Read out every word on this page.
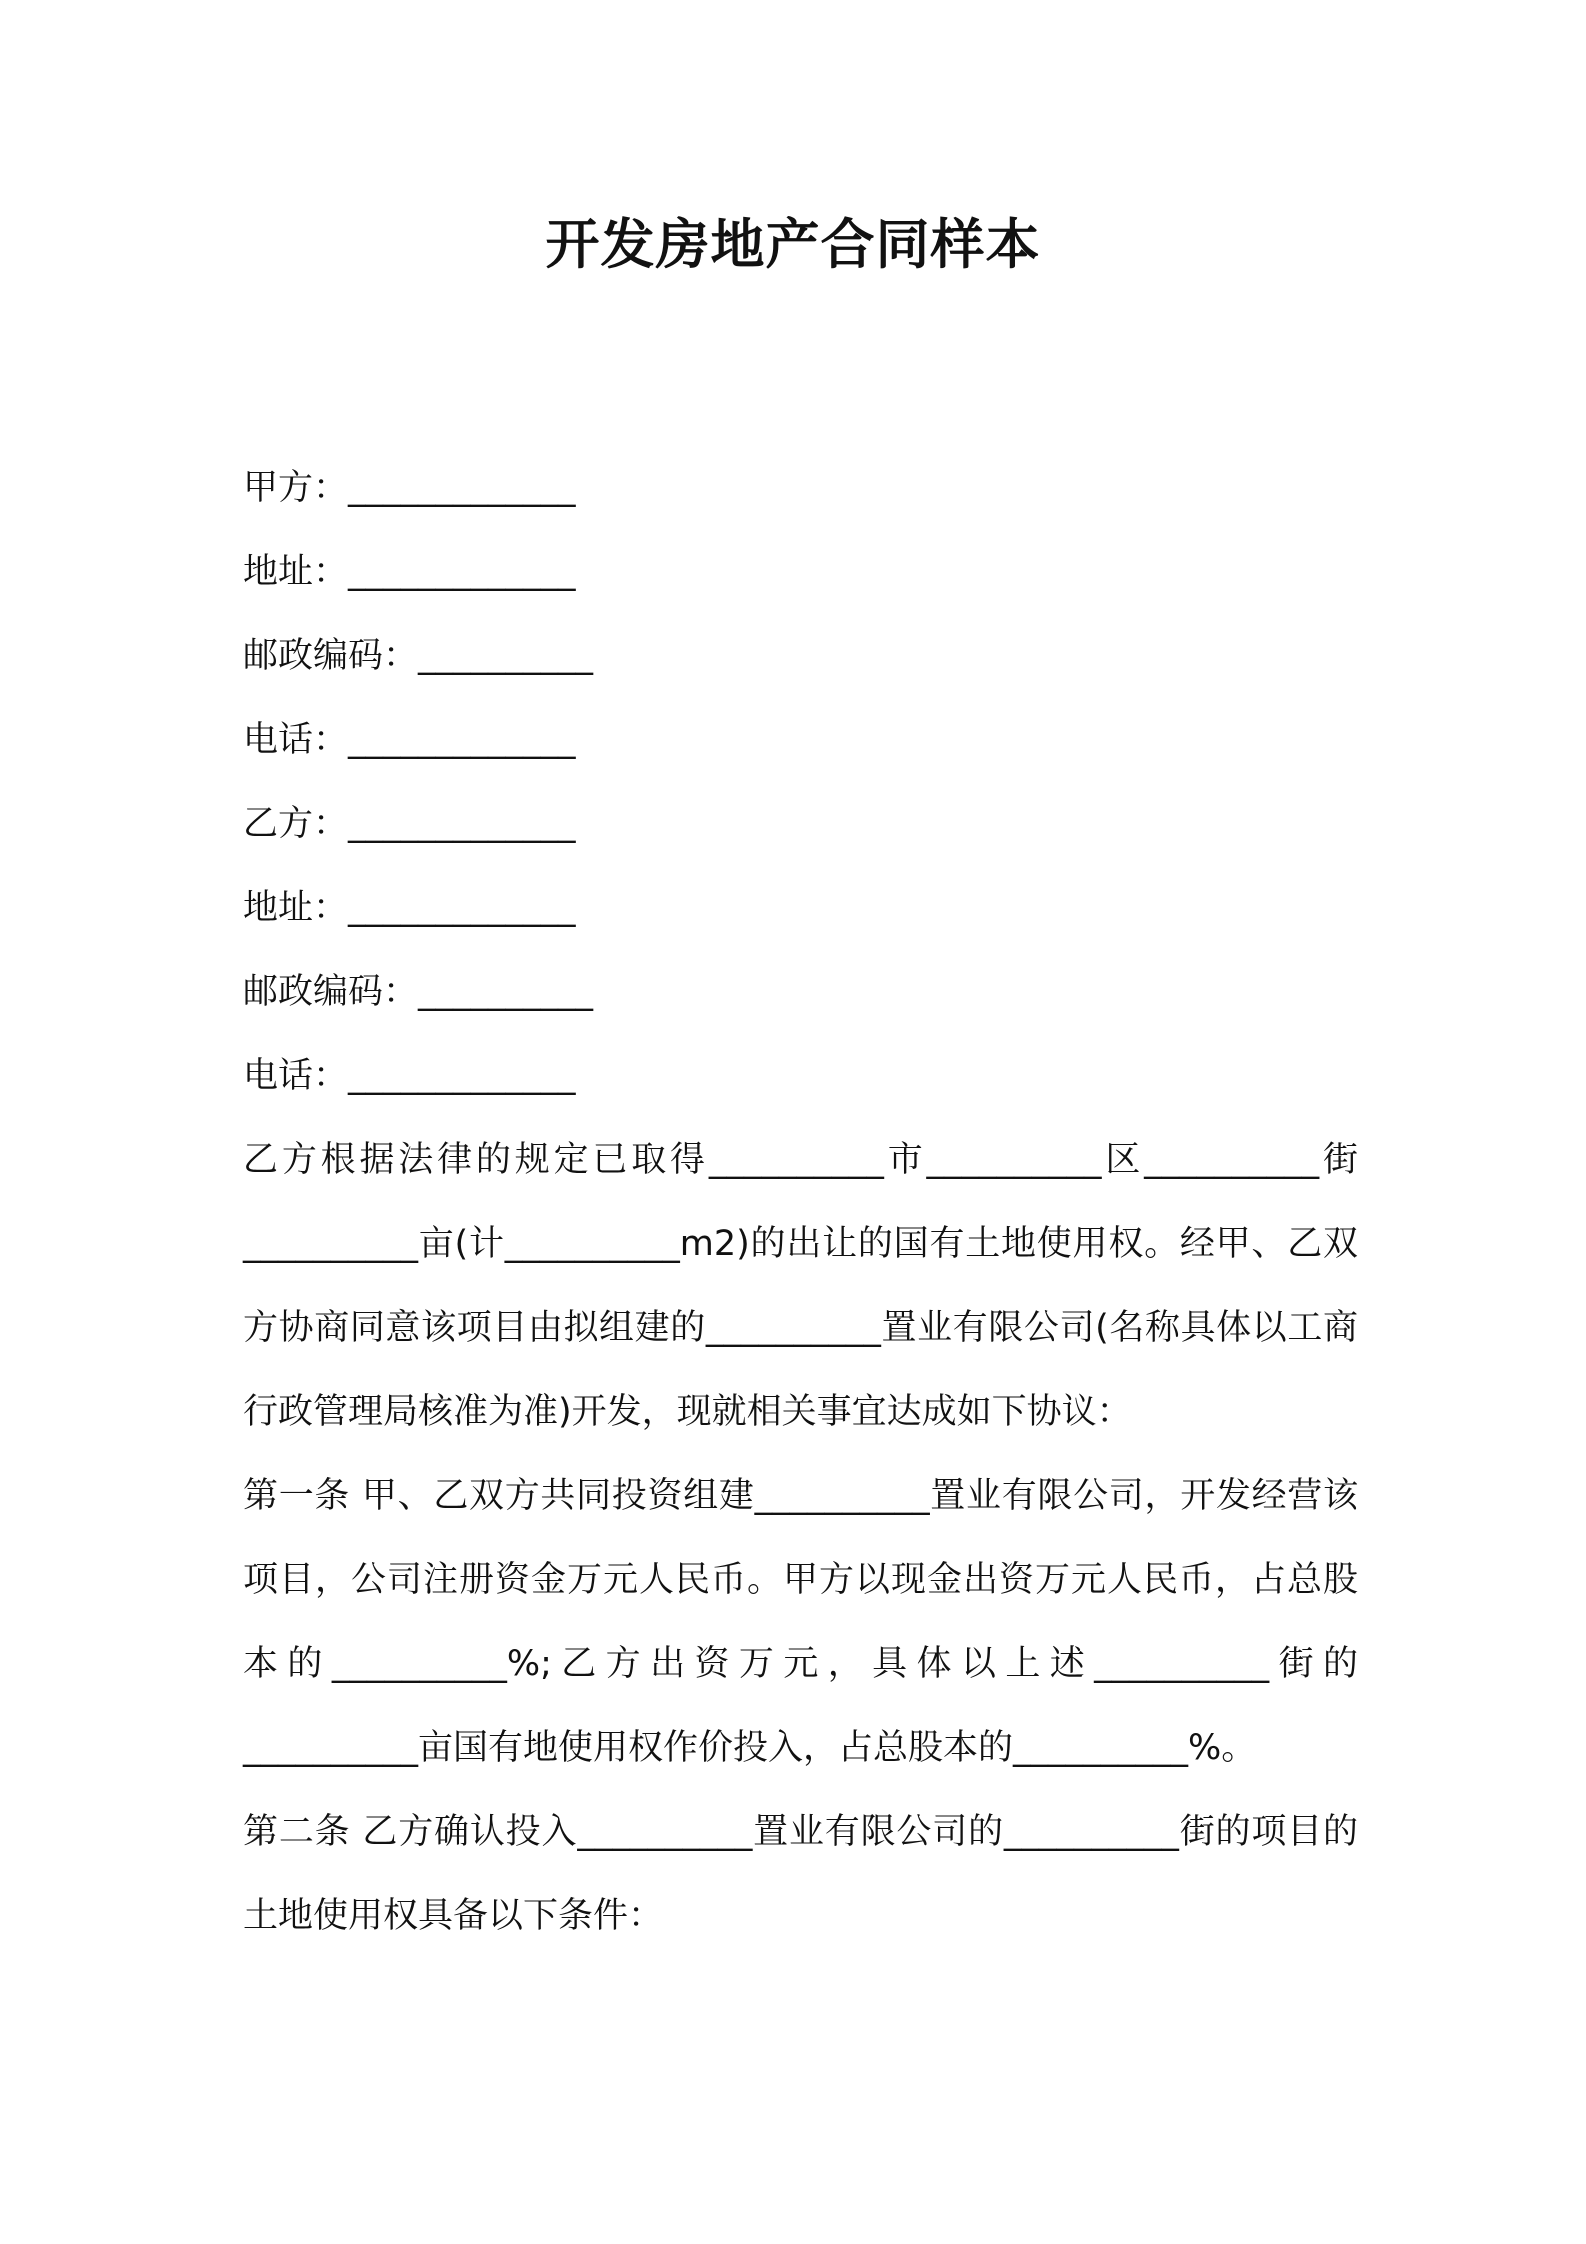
开发房地产合同样本

甲方：_____________

地址：_____________

邮政编码：__________

电话：_____________

乙方：_____________

地址：_____________

邮政编码：__________

电话：_____________

乙方根据法律的规定已取得__________市__________区__________街__________亩(计__________m2)的出让的国有土地使用权。经甲、乙双方协商同意该项目由拟组建的__________置业有限公司(名称具体以工商行政管理局核准为准)开发，现就相关事宜达成如下协议：

第一条 甲、乙双方共同投资组建__________置业有限公司，开发经营该项目，公司注册资金万元人民币。甲方以现金出资万元人民币，占总股本的__________%;乙方出资万元，具体以上述__________街的__________亩国有地使用权作价投入，占总股本的__________%。

第二条 乙方确认投入__________置业有限公司的__________街的项目的土地使用权具备以下条件：
